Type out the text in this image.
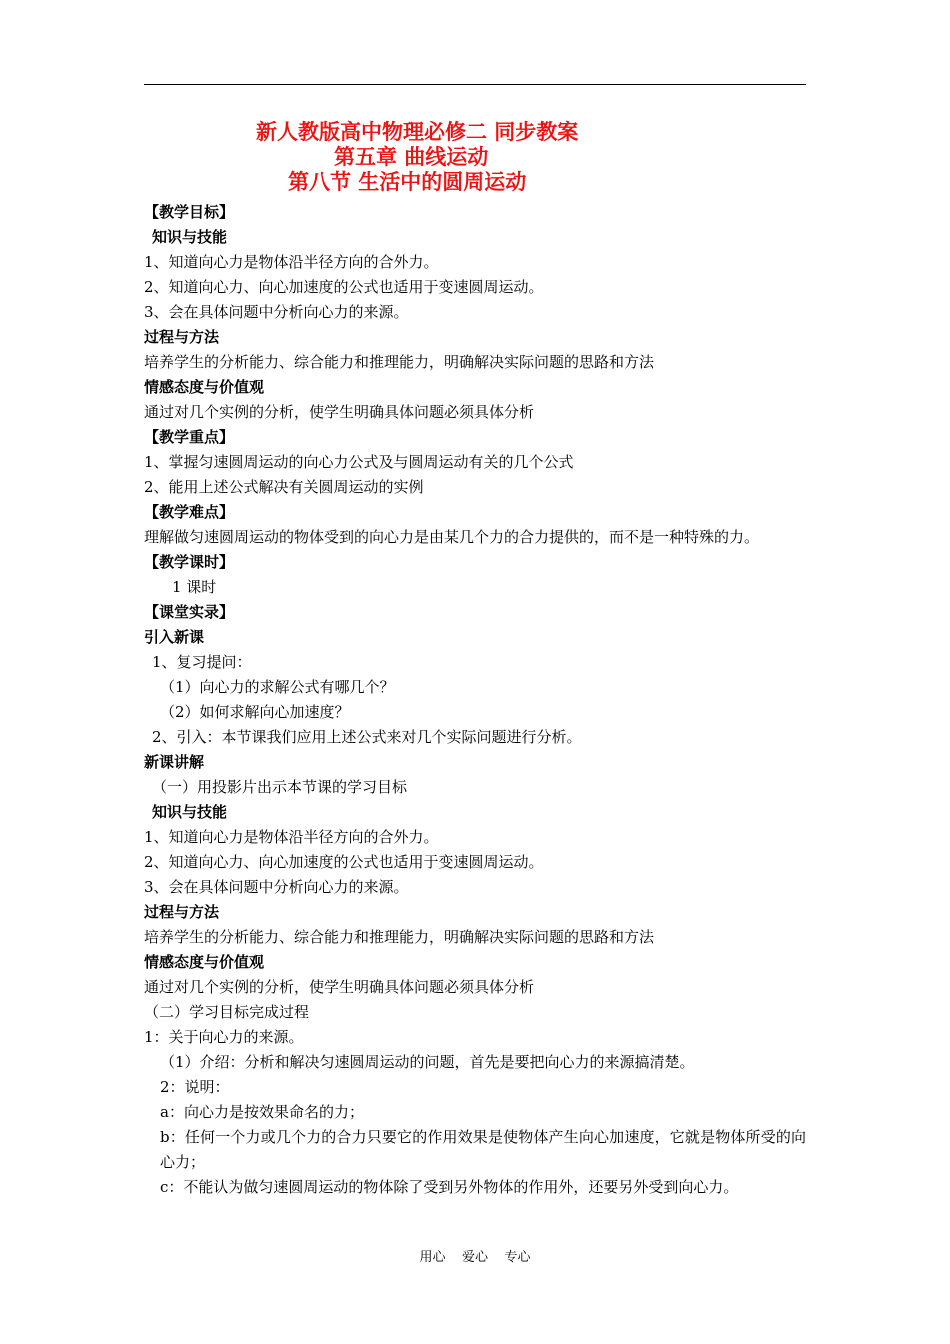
新人教版高中物理必修二 同步教案
第五章 曲线运动
第八节 生活中的圆周运动
【教学目标】
知识与技能
1、知道向心力是物体沿半径方向的合外力。
2、知道向心力、向心加速度的公式也适用于变速圆周运动。
3、会在具体问题中分析向心力的来源。
过程与方法
培养学生的分析能力、综合能力和推理能力，明确解决实际问题的思路和方法
情感态度与价值观
通过对几个实例的分析，使学生明确具体问题必须具体分析
【教学重点】
1、掌握匀速圆周运动的向心力公式及与圆周运动有关的几个公式
2、能用上述公式解决有关圆周运动的实例
【教学难点】
理解做匀速圆周运动的物体受到的向心力是由某几个力的合力提供的，而不是一种特殊的力。
【教学课时】
1 课时
【课堂实录】
引入新课
1、复习提问：
（1）向心力的求解公式有哪几个？
（2）如何求解向心加速度？
2、引入：本节课我们应用上述公式来对几个实际问题进行分析。
新课讲解
（一）用投影片出示本节课的学习目标
知识与技能
1、知道向心力是物体沿半径方向的合外力。
2、知道向心力、向心加速度的公式也适用于变速圆周运动。
3、会在具体问题中分析向心力的来源。
过程与方法
培养学生的分析能力、综合能力和推理能力，明确解决实际问题的思路和方法
情感态度与价值观
通过对几个实例的分析，使学生明确具体问题必须具体分析
（二）学习目标完成过程
1：关于向心力的来源。
（1）介绍：分析和解决匀速圆周运动的问题，首先是要把向心力的来源搞清楚。
2：说明：
a：向心力是按效果命名的力；
b：任何一个力或几个力的合力只要它的作用效果是使物体产生向心加速度，它就是物体所受的向心力；
c：不能认为做匀速圆周运动的物体除了受到另外物体的作用外，还要另外受到向心力。
用心    爱心    专心
